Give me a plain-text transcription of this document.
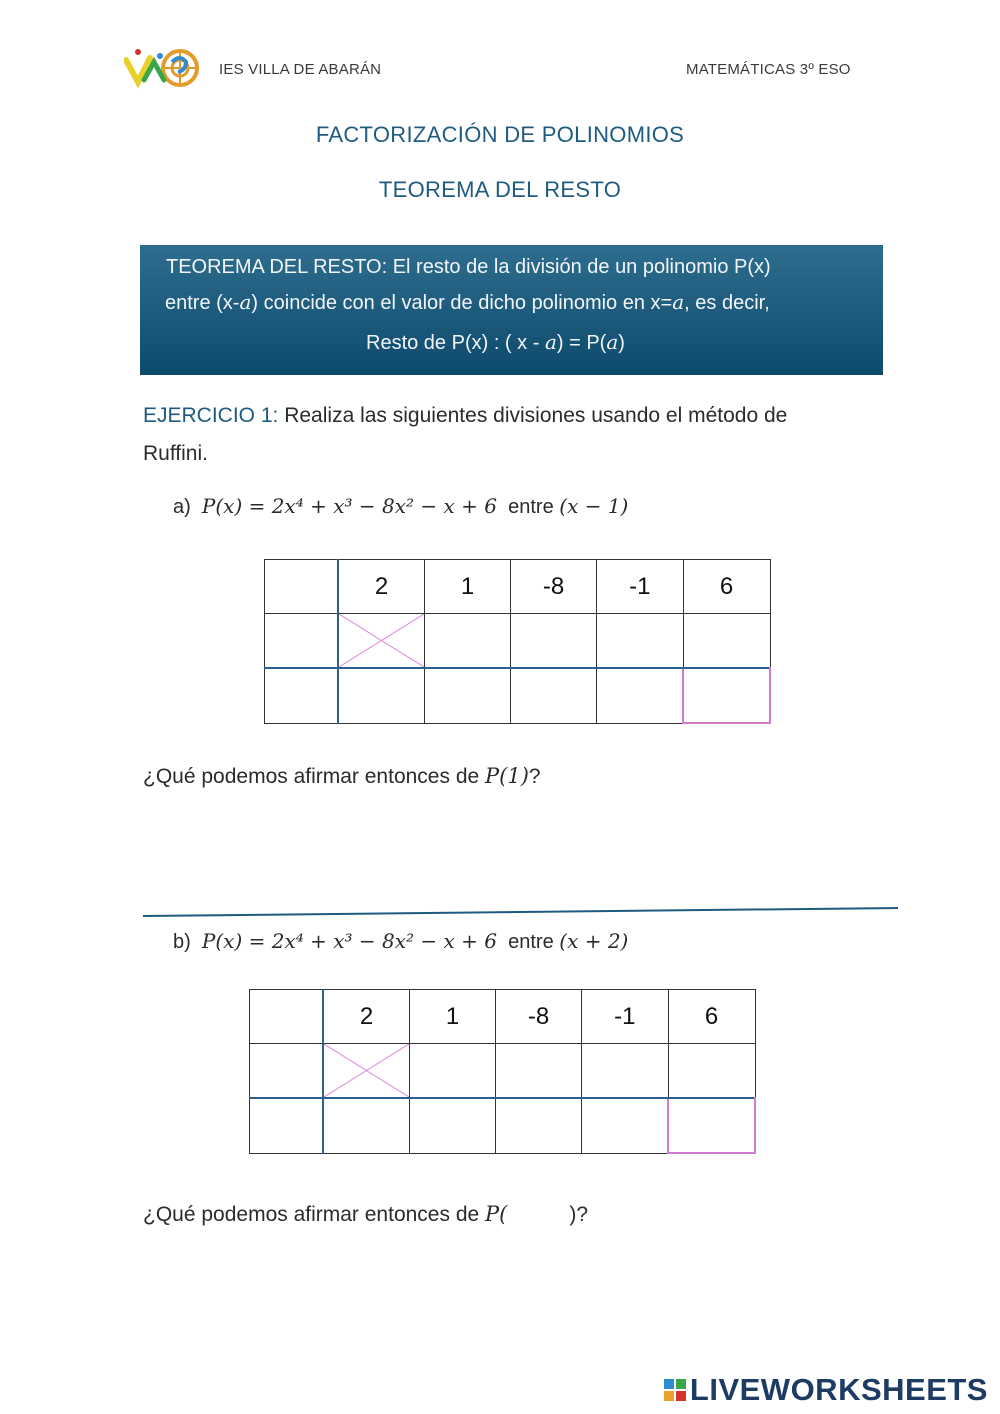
IES VILLA DE ABARÁN	MATEMÁTICAS 3º ESO
FACTORIZACIÓN DE POLINOMIOS
TEOREMA DEL RESTO
TEOREMA DEL RESTO: El resto de la división de un polinomio P(x)
entre (x-a) coincide con el valor de dicho polinomio en x=a, es decir,
Resto de P(x) : ( x - a) = P(a)
EJERCICIO 1: Realiza las siguientes divisiones usando el método de
Ruffini.
a) P(x) = 2x⁴ + x³ − 8x² − x + 6 entre (x − 1)
	2	1	-8	-1	6

¿Qué podemos afirmar entonces de P(1)?
b) P(x) = 2x⁴ + x³ − 8x² − x + 6 entre (x + 2)
	2	1	-8	-1	6

¿Qué podemos afirmar entonces de P(	)?
LIVEWORKSHEETS
